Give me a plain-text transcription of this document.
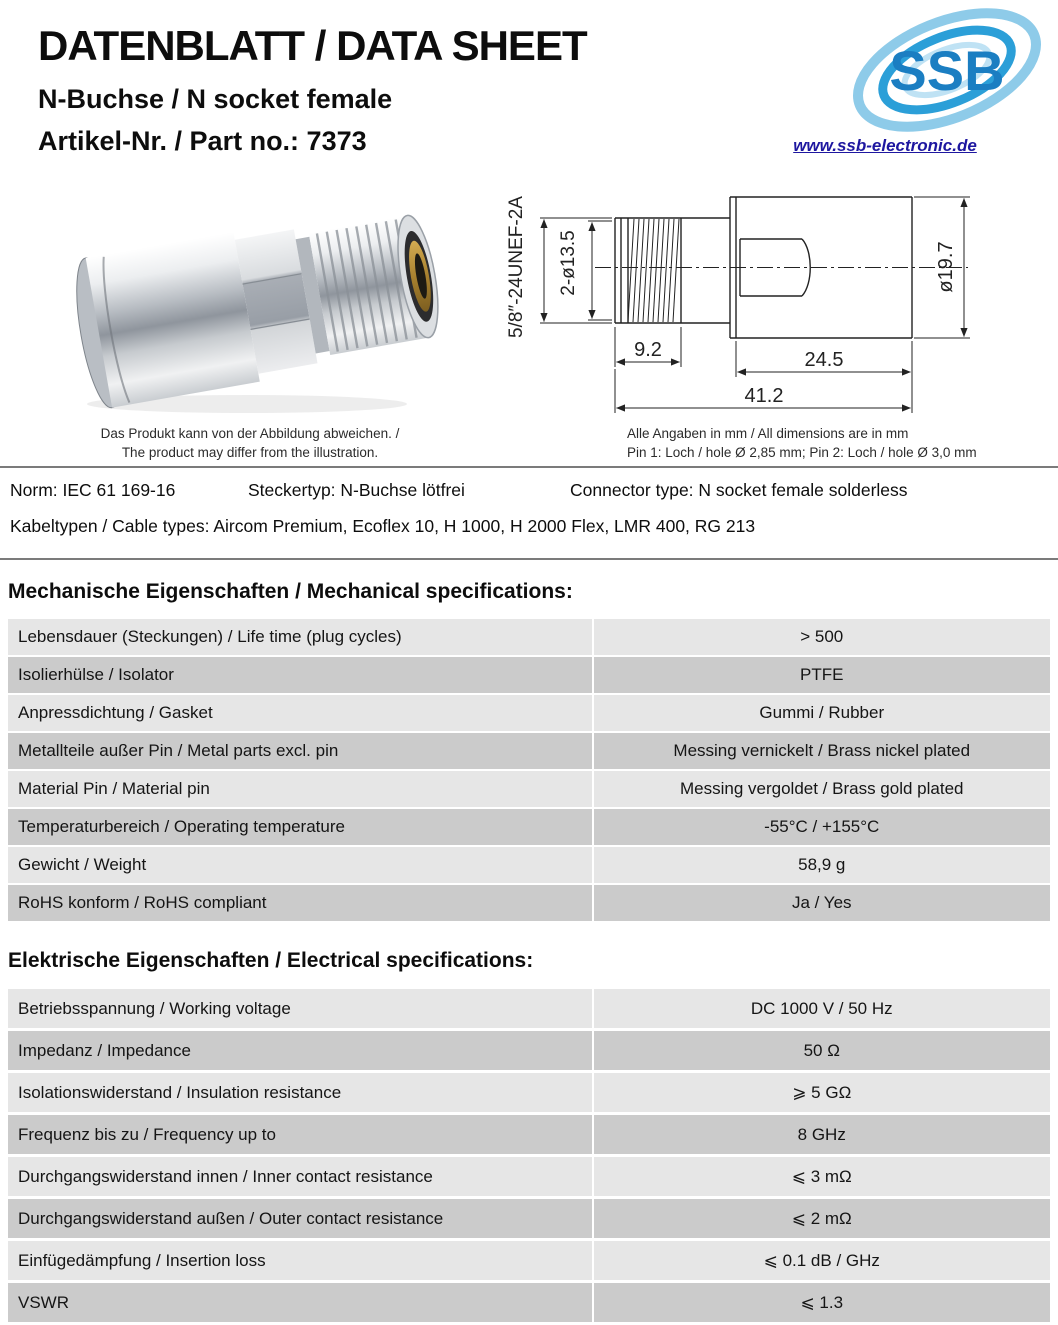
DATENBLATT / DATA SHEET
N-Buchse / N socket female
Artikel-Nr. / Part no.: 7373
SSB
www.ssb-electronic.de
5/8″-24UNEF-2A 2-ø13.5
9.2	24.5
41.2
ø19.7
Das Produkt kann von der Abbildung abweichen. /
The product may differ from the illustration.
Alle Angaben in mm / All dimensions are in mm
Pin 1: Loch / hole Ø 2,85 mm; Pin 2: Loch / hole Ø 3,0 mm
Norm: IEC 61 169-16	Steckertyp: N-Buchse lötfrei	Connector type: N socket female solderless
Kabeltypen / Cable types: Aircom Premium, Ecoflex 10, H 1000, H 2000 Flex, LMR 400, RG 213
Mechanische Eigenschaften / Mechanical specifications:
Lebensdauer (Steckungen) / Life time (plug cycles)	> 500
Isolierhülse / Isolator	PTFE
Anpressdichtung / Gasket	Gummi / Rubber
Metallteile außer Pin / Metal parts excl. pin	Messing vernickelt / Brass nickel plated
Material Pin / Material pin	Messing vergoldet / Brass gold plated
Temperaturbereich / Operating temperature	-55°C / +155°C
Gewicht / Weight	58,9 g
RoHS konform / RoHS compliant	Ja / Yes
Elektrische Eigenschaften / Electrical specifications:
Betriebsspannung / Working voltage	DC 1000 V / 50 Hz
Impedanz / Impedance	50 Ω
Isolationswiderstand / Insulation resistance	⩾ 5 GΩ
Frequenz bis zu / Frequency up to	8 GHz
Durchgangswiderstand innen / Inner contact resistance	⩽ 3 mΩ
Durchgangswiderstand außen / Outer contact resistance	⩽ 2 mΩ
Einfügedämpfung / Insertion loss	⩽ 0.1 dB / GHz
VSWR	⩽ 1.3
